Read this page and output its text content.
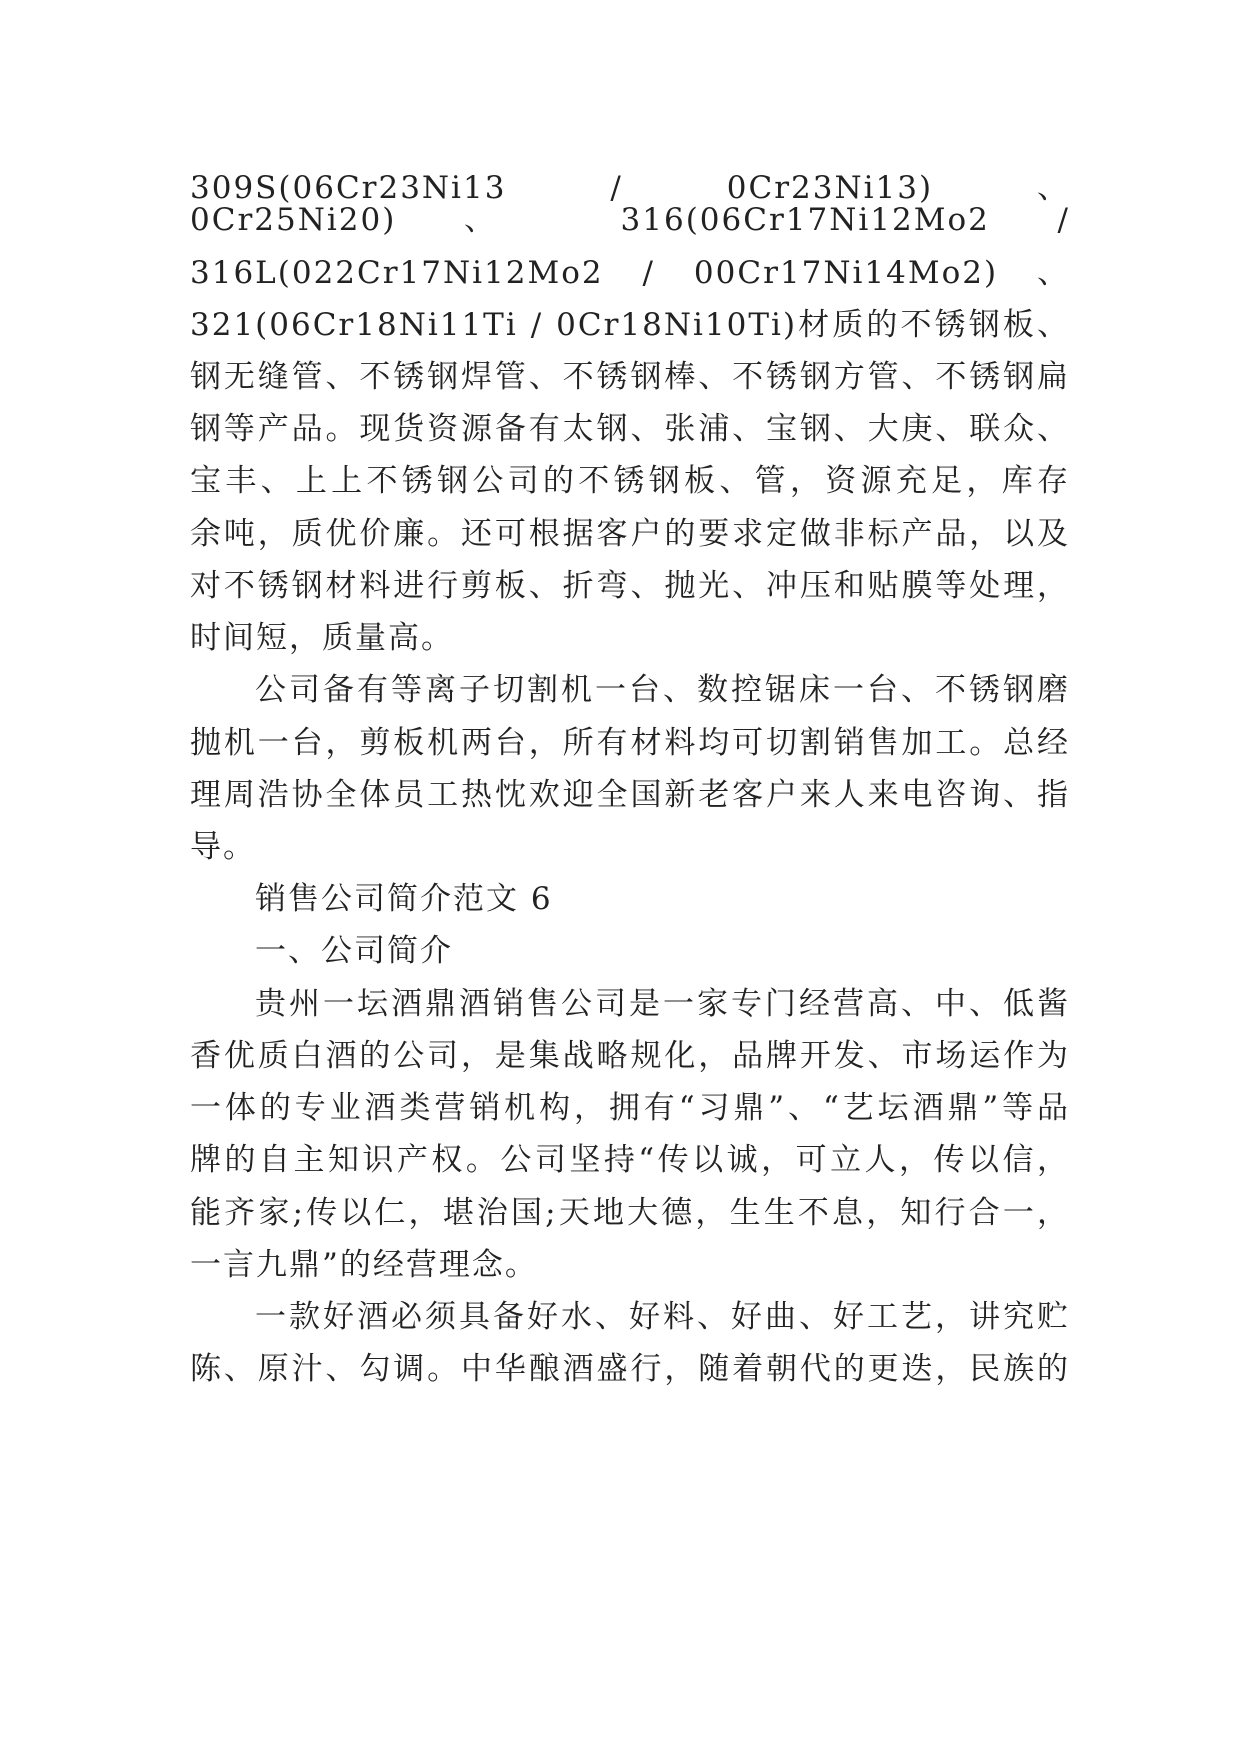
309S(06Cr23Ni13 / 0Cr23Ni13) 、
0Cr25Ni20) 、 316(06Cr17Ni12Mo2 /
316L(022Cr17Ni12Mo2 / 00Cr17Ni14Mo2) 、
321(06Cr18Ni11Ti / 0Cr18Ni10Ti)材质的不锈钢板、
钢无缝管、不锈钢焊管、不锈钢棒、不锈钢方管、不锈钢扁
钢等产品。现货资源备有太钢、张浦、宝钢、大庚、联众、
宝丰、上上不锈钢公司的不锈钢板、管，资源充足，库存
余吨，质优价廉。还可根据客户的要求定做非标产品，以及
对不锈钢材料进行剪板、折弯、抛光、冲压和贴膜等处理，
时间短，质量高。
公司备有等离子切割机一台、数控锯床一台、不锈钢磨
抛机一台，剪板机两台，所有材料均可切割销售加工。总经
理周浩协全体员工热忱欢迎全国新老客户来人来电咨询、指
导。
销售公司简介范文 6
一、公司简介
贵州一坛酒鼎酒销售公司是一家专门经营高、中、低酱
香优质白酒的公司，是集战略规化，品牌开发、市场运作为
一体的专业酒类营销机构，拥有“习鼎”、“艺坛酒鼎”等品
牌的自主知识产权。公司坚持“传以诚，可立人，传以信，
能齐家;传以仁，堪治国;天地大德，生生不息，知行合一，
一言九鼎”的经营理念。
一款好酒必须具备好水、好料、好曲、好工艺，讲究贮
陈、原汁、勾调。中华酿酒盛行，随着朝代的更迭，民族的
